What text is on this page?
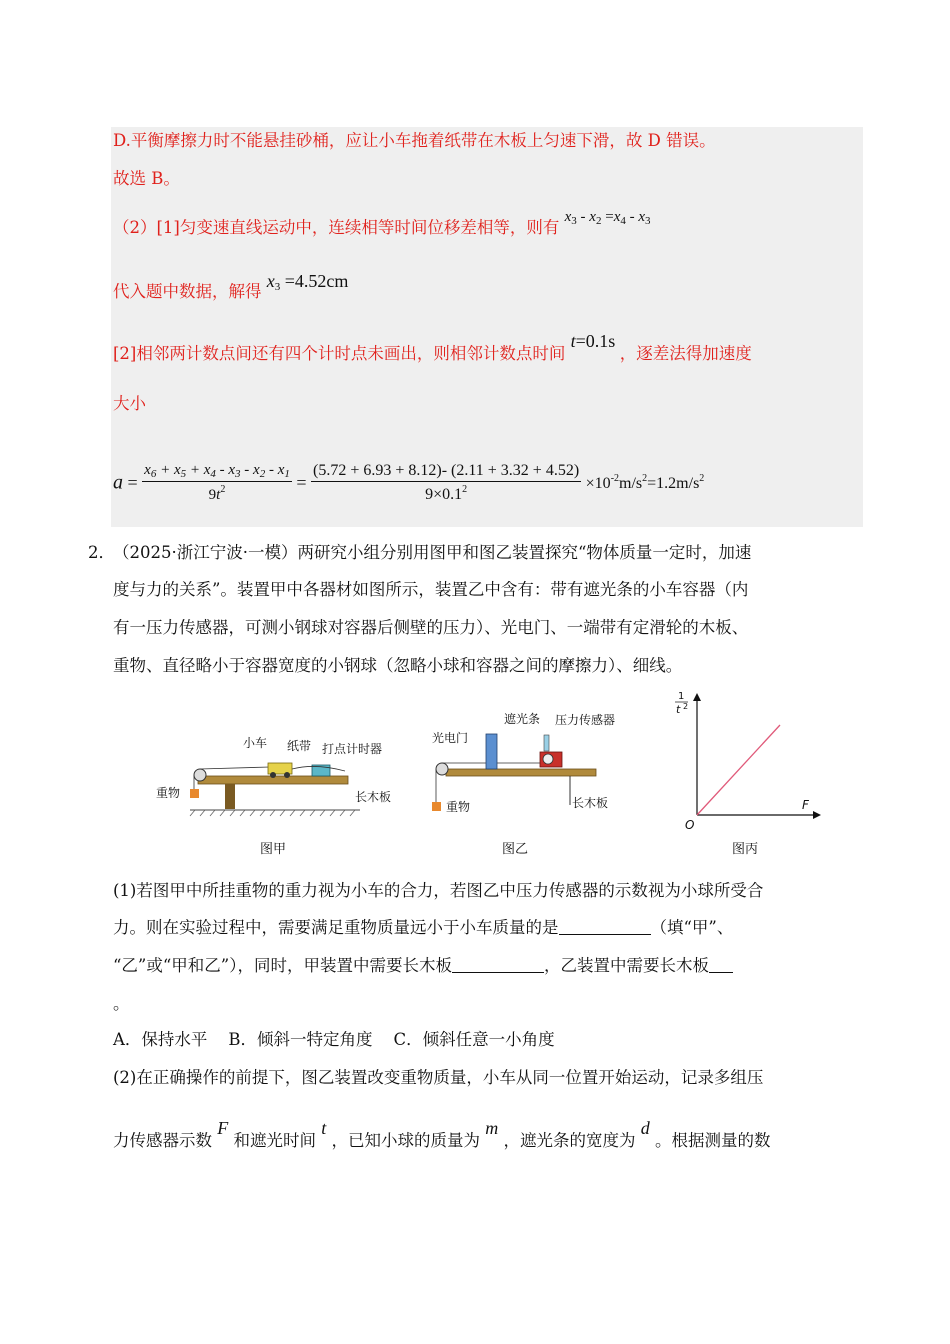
D.平衡摩擦力时不能悬挂砂桶，应让小车拖着纸带在木板上匀速下滑，故 D 错误。
故选 B。
（2）[1]匀变速直线运动中，连续相等时间位移差相等，则有 $x_3 - x_2 =x_4 - x_3$
代入题中数据，解得 $x_3 =4.52cm$
[2]相邻两计数点间还有四个计时点未画出，则相邻计数点时间 t=0.1s ，逐差法得加速度
大小
$a = \frac{x_6 + x_5 + x_4 - x_3 - x_2 - x_1}{9t^2} = \frac{(5.72 + 6.93 + 8.12)- (2.11 + 3.32 + 4.52)}{9\times 0.1^2} \times 10^{-2}m/s^2=1.2m/s^2$
2．
（2025·浙江宁波·一模）两研究小组分别用图甲和图乙装置探究“物体质量一定时，加速
度与力的关系”。装置甲中各器材如图所示，装置乙中含有：带有遮光条的小车容器（内
有一压力传感器，可测小钢球对容器后侧壁的压力）、光电门、一端带有定滑轮的木板、
重物、直径略小于容器宽度的小钢球（忽略小球和容器之间的摩擦力）、细线。
小车 纸带 打点计时器
重物	长木板
图甲
压力传感器
遮光条
光电门
重物	长木板
图乙
1
t 2
F
O
图丙
(1)若图甲中所挂重物的重力视为小车的合力，若图乙中压力传感器的示数视为小球所受合
力。则在实验过程中，需要满足重物质量远小于小车质量的是	（填“甲”、
“乙”或“甲和乙”），同时，甲装置中需要长木板	，乙装置中需要长木板
。
A．保持水平    B．倾斜一特定角度    C．倾斜任意一小角度
(2)在正确操作的前提下，图乙装置改变重物质量，小车从同一位置开始运动，记录多组压
力传感器示数 F 和遮光时间 t ，已知小球的质量为 m ，遮光条的宽度为 d 。根据测量的数
